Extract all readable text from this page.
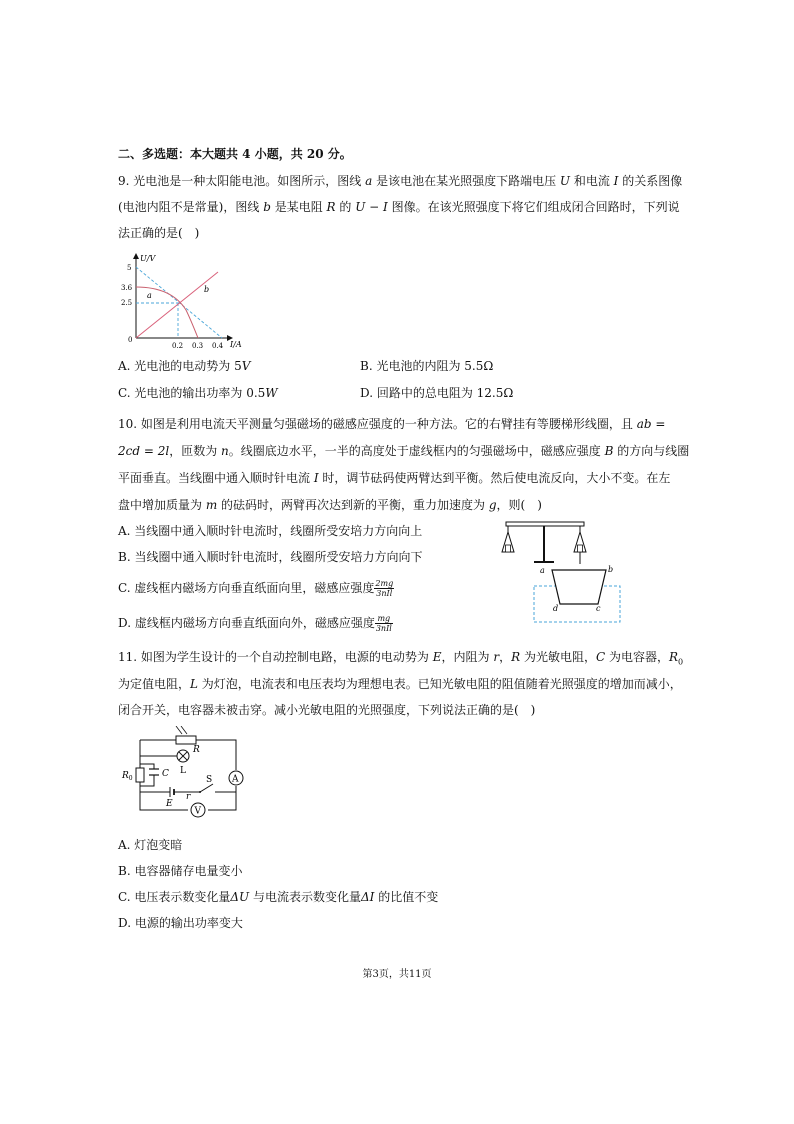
二、多选题：本大题共 4 小题，共 20 分。
9. 光电池是一种太阳能电池。如图所示，图线 a 是该电池在某光照强度下路端电压 U 和电流 I 的关系图像
(电池内阻不是常量)，图线 b 是某电阻 R 的 U − I 图像。在该光照强度下将它们组成闭合回路时，下列说
法正确的是(　)
U/V
I/A
5
3.6
2.5
0
0.2 0.3 0.4
a
b
A. 光电池的电动势为 5V	B. 光电池的内阻为 5.5Ω
C. 光电池的输出功率为 0.5W	D. 回路中的总电阻为 12.5Ω
10. 如图是利用电流天平测量匀强磁场的磁感应强度的一种方法。它的右臂挂有等腰梯形线圈，且 ab =
2cd = 2l，匝数为 n。线圈底边水平，一半的高度处于虚线框内的匀强磁场中，磁感应强度 B 的方向与线圈
平面垂直。当线圈中通入顺时针电流 I 时，调节砝码使两臂达到平衡。然后使电流反向，大小不变。在左
盘中增加质量为 m 的砝码时，两臂再次达到新的平衡，重力加速度为 g，则(　)
A. 当线圈中通入顺时针电流时，线圈所受安培力方向向上
B. 当线圈中通入顺时针电流时，线圈所受安培力方向向下
C. 虚线框内磁场方向垂直纸面向里，磁感应强度 $\frac{2mg}{\text{3nIl}}$
D. 虚线框内磁场方向垂直纸面向外，磁感应强度 $\frac{mg}{\text{3nIl}}$
a	b
c
d
11. 如图为学生设计的一个自动控制电路，电源的电动势为 E，内阻为 r，R 为光敏电阻，C 为电容器，$R_0$
为定值电阻，L 为灯泡，电流表和电压表均为理想电表。已知光敏电阻的阻值随着光照强度的增加而减小，
闭合开关，电容器未被击穿。减小光敏电阻的光照强度，下列说法正确的是(　)
R
L
$R_0$	C
E
r
S A
V
A. 灯泡变暗
B. 电容器储存电量变小
C. 电压表示数变化量ΔU 与电流表示数变化量ΔI 的比值不变
D. 电源的输出功率变大
第3页，共11页
